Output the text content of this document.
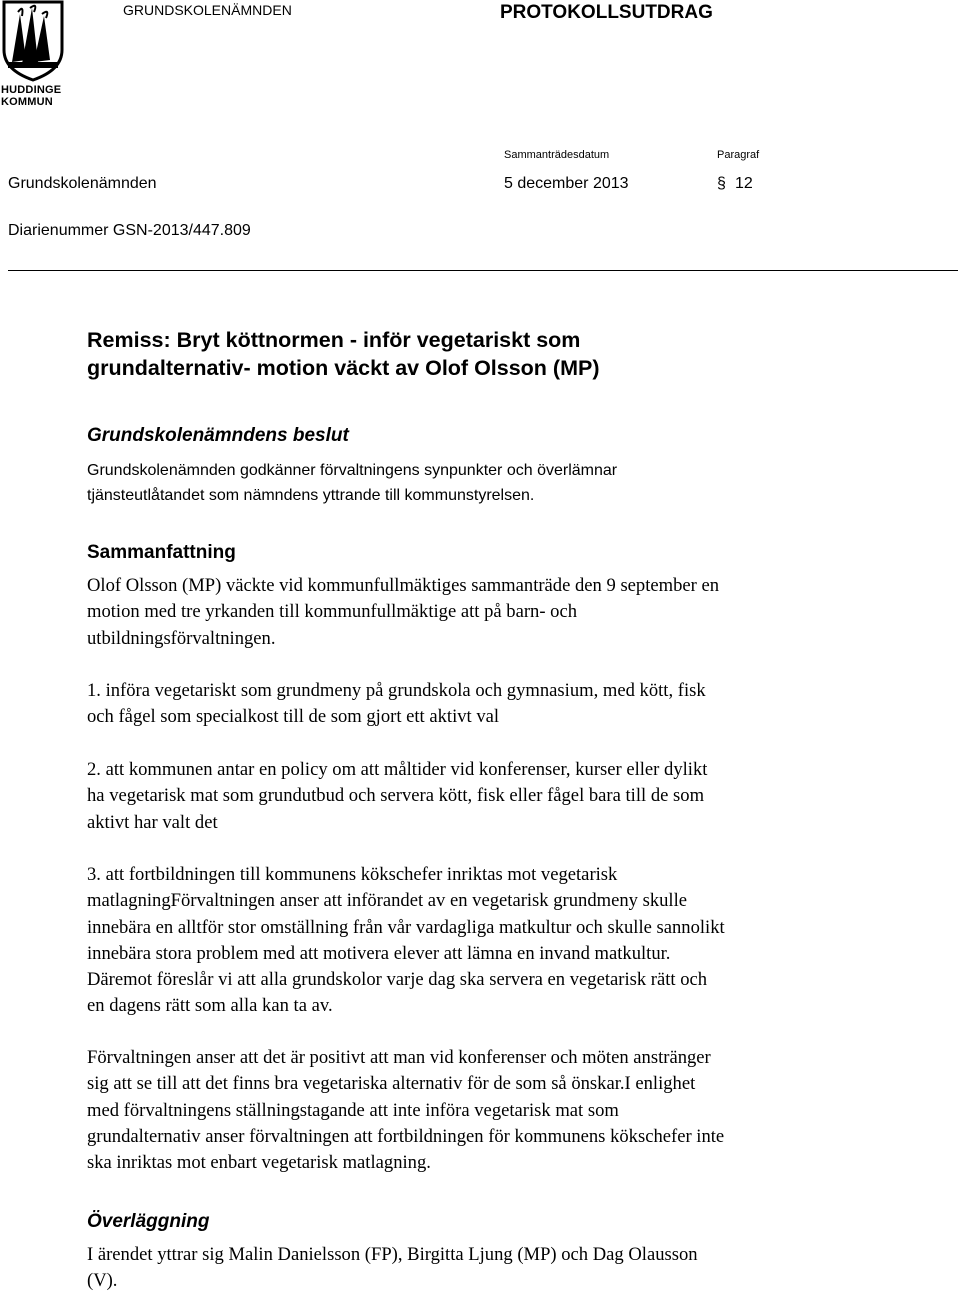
HUDDINGE
KOMMUN
GRUNDSKOLENÄMNDEN	PROTOKOLLSUTDRAG
Sammanträdesdatum	Paragraf
Grundskolenämnden	5 december 2013	§ 12
Diarienummer GSN-2013/447.809
Remiss: Bryt köttnormen - inför vegetariskt som
grundalternativ- motion väckt av Olof Olsson (MP)
Grundskolenämndens beslut
Grundskolenämnden godkänner förvaltningens synpunkter och överlämnar
tjänsteutlåtandet som nämndens yttrande till kommunstyrelsen.
Sammanfattning
Olof Olsson (MP) väckte vid kommunfullmäktiges sammanträde den 9 september en
motion med tre yrkanden till kommunfullmäktige att på barn- och
utbildningsförvaltningen.
1. införa vegetariskt som grundmeny på grundskola och gymnasium, med kött, fisk
och fågel som specialkost till de som gjort ett aktivt val
2. att kommunen antar en policy om att måltider vid konferenser, kurser eller dylikt
ha vegetarisk mat som grundutbud och servera kött, fisk eller fågel bara till de som
aktivt har valt det
3. att fortbildningen till kommunens kökschefer inriktas mot vegetarisk
matlagningFörvaltningen anser att införandet av en vegetarisk grundmeny skulle
innebära en alltför stor omställning från vår vardagliga matkultur och skulle sannolikt
innebära stora problem med att motivera elever att lämna en invand matkultur.
Däremot föreslår vi att alla grundskolor varje dag ska servera en vegetarisk rätt och
en dagens rätt som alla kan ta av.
Förvaltningen anser att det är positivt att man vid konferenser och möten anstränger
sig att se till att det finns bra vegetariska alternativ för de som så önskar.I enlighet
med förvaltningens ställningstagande att inte införa vegetarisk mat som
grundalternativ anser förvaltningen att fortbildningen för kommunens kökschefer inte
ska inriktas mot enbart vegetarisk matlagning.
Överläggning
I ärendet yttrar sig Malin Danielsson (FP), Birgitta Ljung (MP) och Dag Olausson
(V).
